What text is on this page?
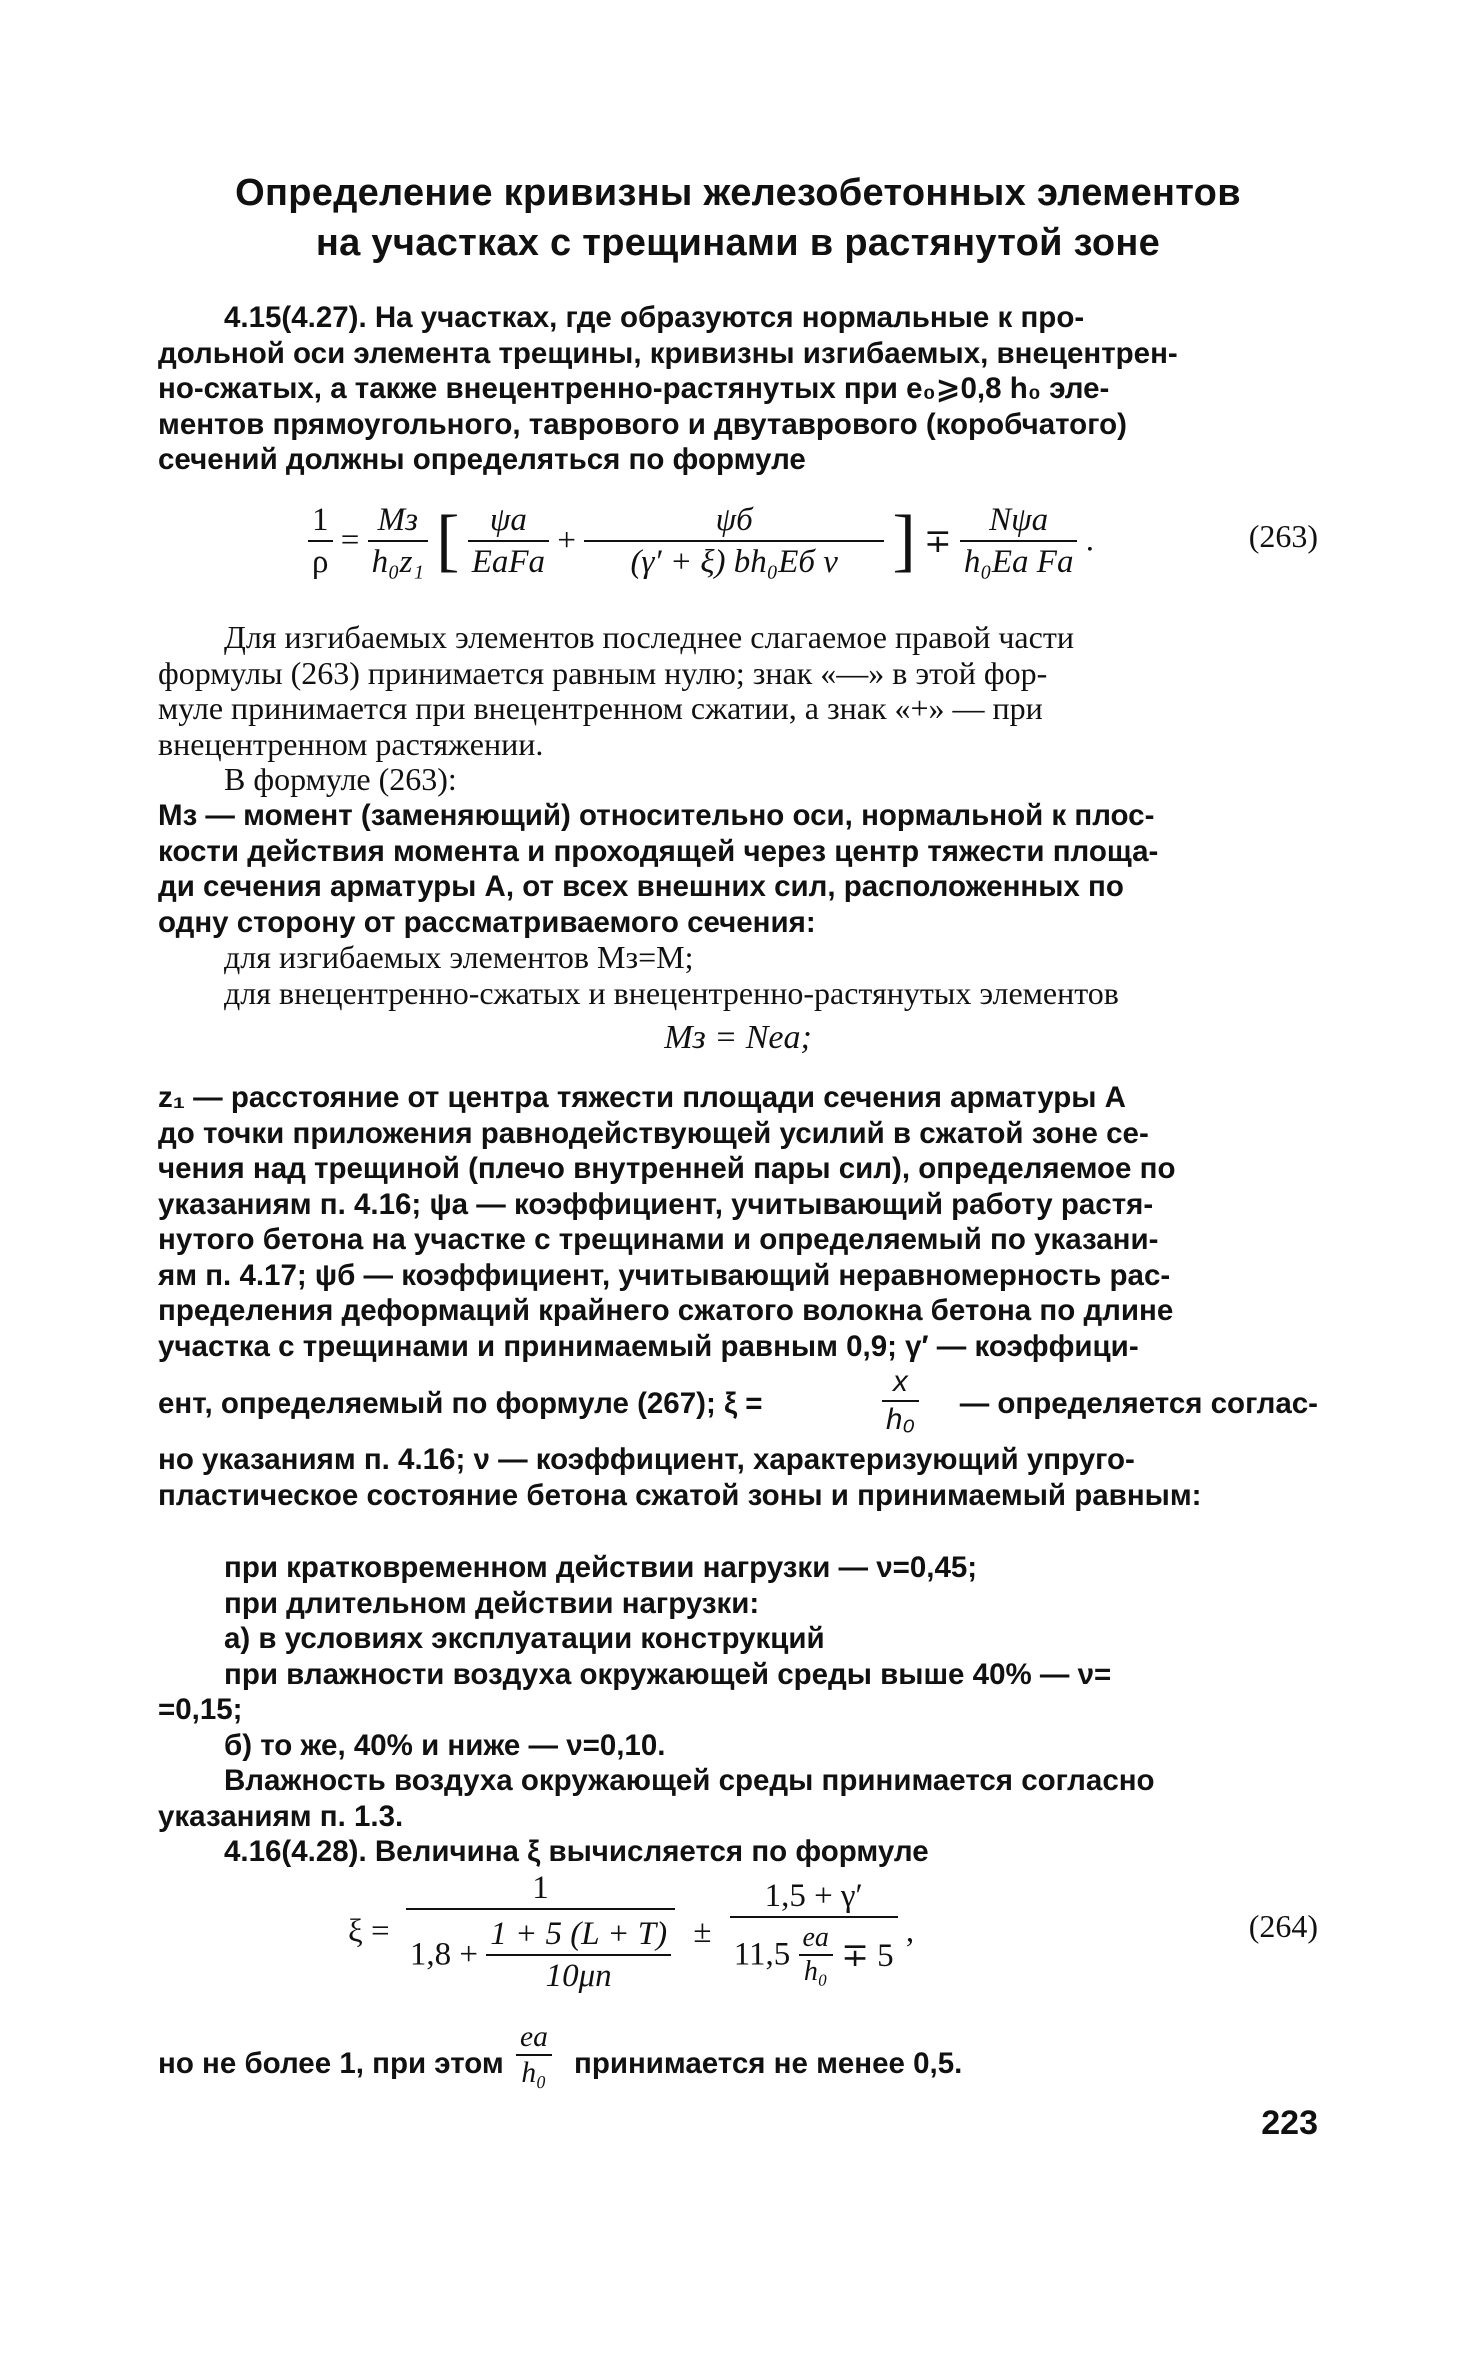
Определение кривизны железобетонных элементов
на участках с трещинами в растянутой зоне

4.15(4.27). На участках, где образуются нормальные к про-
дольной оси элемента трещины, кривизны изгибаемых, внецентрен-
но-сжатых, а также внецентренно-растянутых при e₀⩾0,8 h₀ эле-
ментов прямоугольного, таврового и двутаврового (коробчатого)
сечений должны определяться по формуле

$\frac{1}{\rho} = \frac{Mз}{\text{h₀z₁}}$ [ $\frac{\psi а}{\text{EаFа}} + \frac{\psi б}{\text{(γ′ + ξ) bh₀Eб ν}}$ ] ∓ $\frac{\text{Nψа}}{\text{h₀Eа Fа}}$ .	(263)

Для изгибаемых элементов последнее слагаемое правой части
формулы (263) принимается равным нулю; знак «—» в этой фор-
муле принимается при внецентренном сжатии, а знак «+» — при
внецентренном растяжении.

В формуле (263):

Mз — момент (заменяющий) относительно оси, нормальной к плос-
кости действия момента и проходящей через центр тяжести площа-
ди сечения арматуры A, от всех внешних сил, расположенных по
одну сторону от рассматриваемого сечения:

для изгибаемых элементов Mз=M;
для внецентренно-сжатых и внецентренно-растянутых элементов

Mз = Neа;

z₁ — расстояние от центра тяжести площади сечения арматуры A
до точки приложения равнодействующей усилий в сжатой зоне се-
чения над трещиной (плечо внутренней пары сил), определяемое по
указаниям п. 4.16; ψа — коэффициент, учитывающий работу растя-
нутого бетона на участке с трещинами и определяемый по указани-
ям п. 4.17; ψб — коэффициент, учитывающий неравномерность рас-
пределения деформаций крайнего сжатого волокна бетона по длине
участка с трещинами и принимаемый равным 0,9; γ′ — коэффици-
ент, определяемый по формуле (267); ξ =	$\frac{x}{\text{h₀}}$ — определяется соглас-
но указаниям п. 4.16; ν — коэффициент, характеризующий упруго-
пластическое состояние бетона сжатой зоны и принимаемый равным:

при кратковременном действии нагрузки — ν=0,45;
при длительном действии нагрузки:
а) в условиях эксплуатации конструкций
при влажности воздуха окружающей среды выше 40% — ν=
=0,15;
б) то же, 40% и ниже — ν=0,10.
Влажность воздуха окружающей среды принимается согласно
указаниям п. 1.3.
4.16(4.28). Величина ξ вычисляется по формуле

$\xi = \frac{1}{1,8 + \frac{1 + 5 (L + T)}{10\mu n}}$ ±
1,5 + γ′
$11,5 \frac{eа}{\text{h₀}} \mp 5$
,	(264)
но не более 1, при этом
eа
h₀ принимается не менее 0,5.
223
